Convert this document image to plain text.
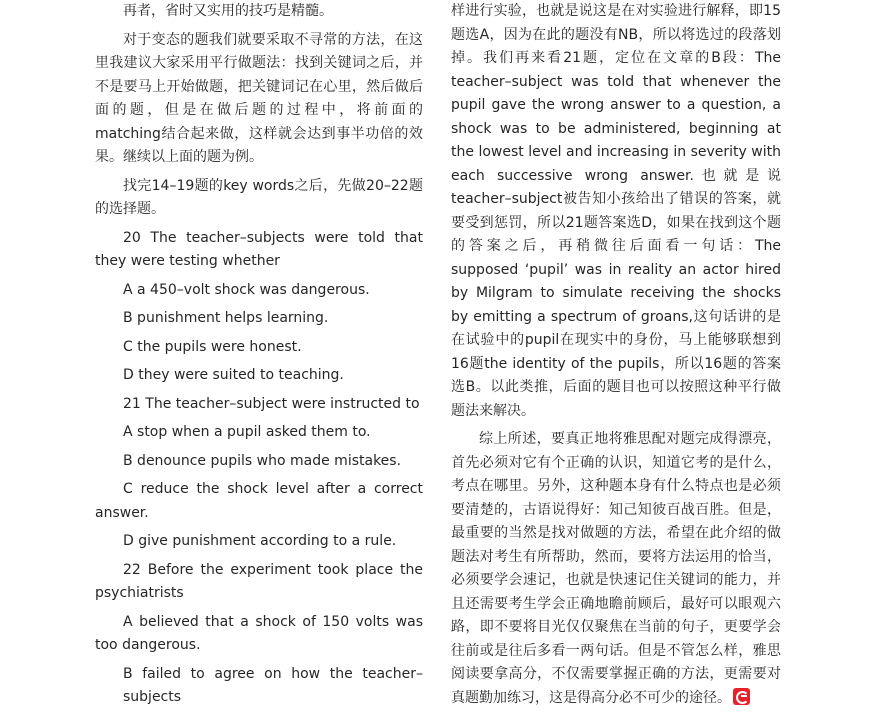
再者，省时又实用的技巧是精髓。

对于变态的题我们就要采取不寻常的方法，在这里我建议大家采用平行做题法：找到关键词之后，并不是要马上开始做题，把关键词记在心里，然后做后面的题，但是在做后题的过程中，将前面的matching结合起来做，这样就会达到事半功倍的效果。继续以上面的题为例。

找完14–19题的key words之后，先做20–22题的选择题。

20 The teacher–subjects were told that they were testing whether

A a 450–volt shock was dangerous.

B punishment helps learning.

C the pupils were honest.

D they were suited to teaching.

21 The teacher–subject were instructed to

A stop when a pupil asked them to.

B denounce pupils who made mistakes.

C reduce the shock level after a correct answer.

D give punishment according to a rule.

22 Before the experiment took place the psychiatrists

A believed that a shock of 150 volts was too dangerous.

B failed to agree on how the teacher–subjects

样进行实验，也就是说这是在对实验进行解释，即15题选A，因为在此的题没有NB，所以将选过的段落划掉。我们再来看21题，定位在文章的B段：The teacher–subject was told that whenever the pupil gave the wrong answer to a question, a shock was to be administered, beginning at the lowest level and increasing in severity with each successive wrong answer.也就是说teacher–subject被告知小孩给出了错误的答案，就要受到惩罚，所以21题答案选D，如果在找到这个题的答案之后，再稍微往后面看一句话：The supposed ‘pupil’ was in reality an actor hired by Milgram to simulate receiving the shocks by emitting a spectrum of groans,这句话讲的是在试验中的pupil在现实中的身份，马上能够联想到16题the identity of the pupils，所以16题的答案选B。以此类推，后面的题目也可以按照这种平行做题法来解决。

综上所述，要真正地将雅思配对题完成得漂亮，首先必须对它有个正确的认识，知道它考的是什么，考点在哪里。另外，这种题本身有什么特点也是必须要清楚的，古语说得好：知己知彼百战百胜。但是，最重要的当然是找对做题的方法，希望在此介绍的做题法对考生有所帮助，然而，要将方法运用的恰当，必须要学会速记，也就是快速记住关键词的能力，并且还需要考生学会正确地瞻前顾后，最好可以眼观六路，即不要将目光仅仅聚焦在当前的句子，更要学会往前或是往后多看一两句话。但是不管怎么样，雅思阅读要拿高分，不仅需要掌握正确的方法，更需要对真题勤加练习，这是得高分必不可少的途径。
